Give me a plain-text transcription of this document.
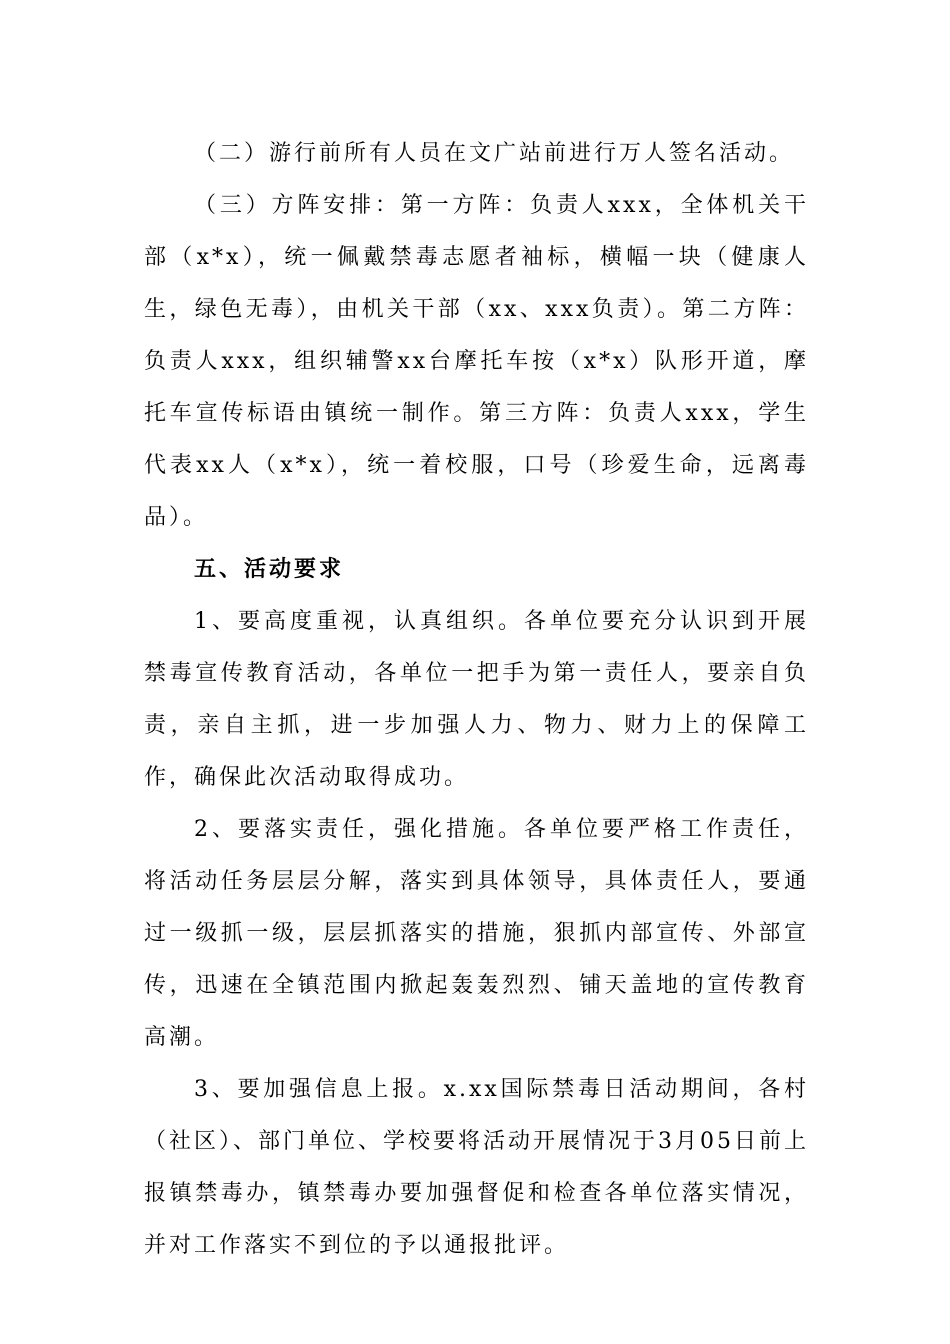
（二）游行前所有人员在文广站前进行万人签名活动。

（三）方阵安排：第一方阵：负责人xxx，全体机关干部（x*x），统一佩戴禁毒志愿者袖标，横幅一块（健康人生，绿色无毒），由机关干部（xx、xxx负责）。第二方阵：负责人xxx，组织辅警xx台摩托车按（x*x）队形开道，摩托车宣传标语由镇统一制作。第三方阵：负责人xxx，学生代表xx人（x*x），统一着校服，口号（珍爱生命，远离毒品）。

五、活动要求

1、要高度重视，认真组织。各单位要充分认识到开展禁毒宣传教育活动，各单位一把手为第一责任人，要亲自负责，亲自主抓，进一步加强人力、物力、财力上的保障工作，确保此次活动取得成功。

2、要落实责任，强化措施。各单位要严格工作责任，将活动任务层层分解，落实到具体领导，具体责任人，要通过一级抓一级，层层抓落实的措施，狠抓内部宣传、外部宣传，迅速在全镇范围内掀起轰轰烈烈、铺天盖地的宣传教育高潮。

3、要加强信息上报。x.xx国际禁毒日活动期间，各村（社区）、部门单位、学校要将活动开展情况于3月05日前上报镇禁毒办，镇禁毒办要加强督促和检查各单位落实情况，并对工作落实不到位的予以通报批评。
